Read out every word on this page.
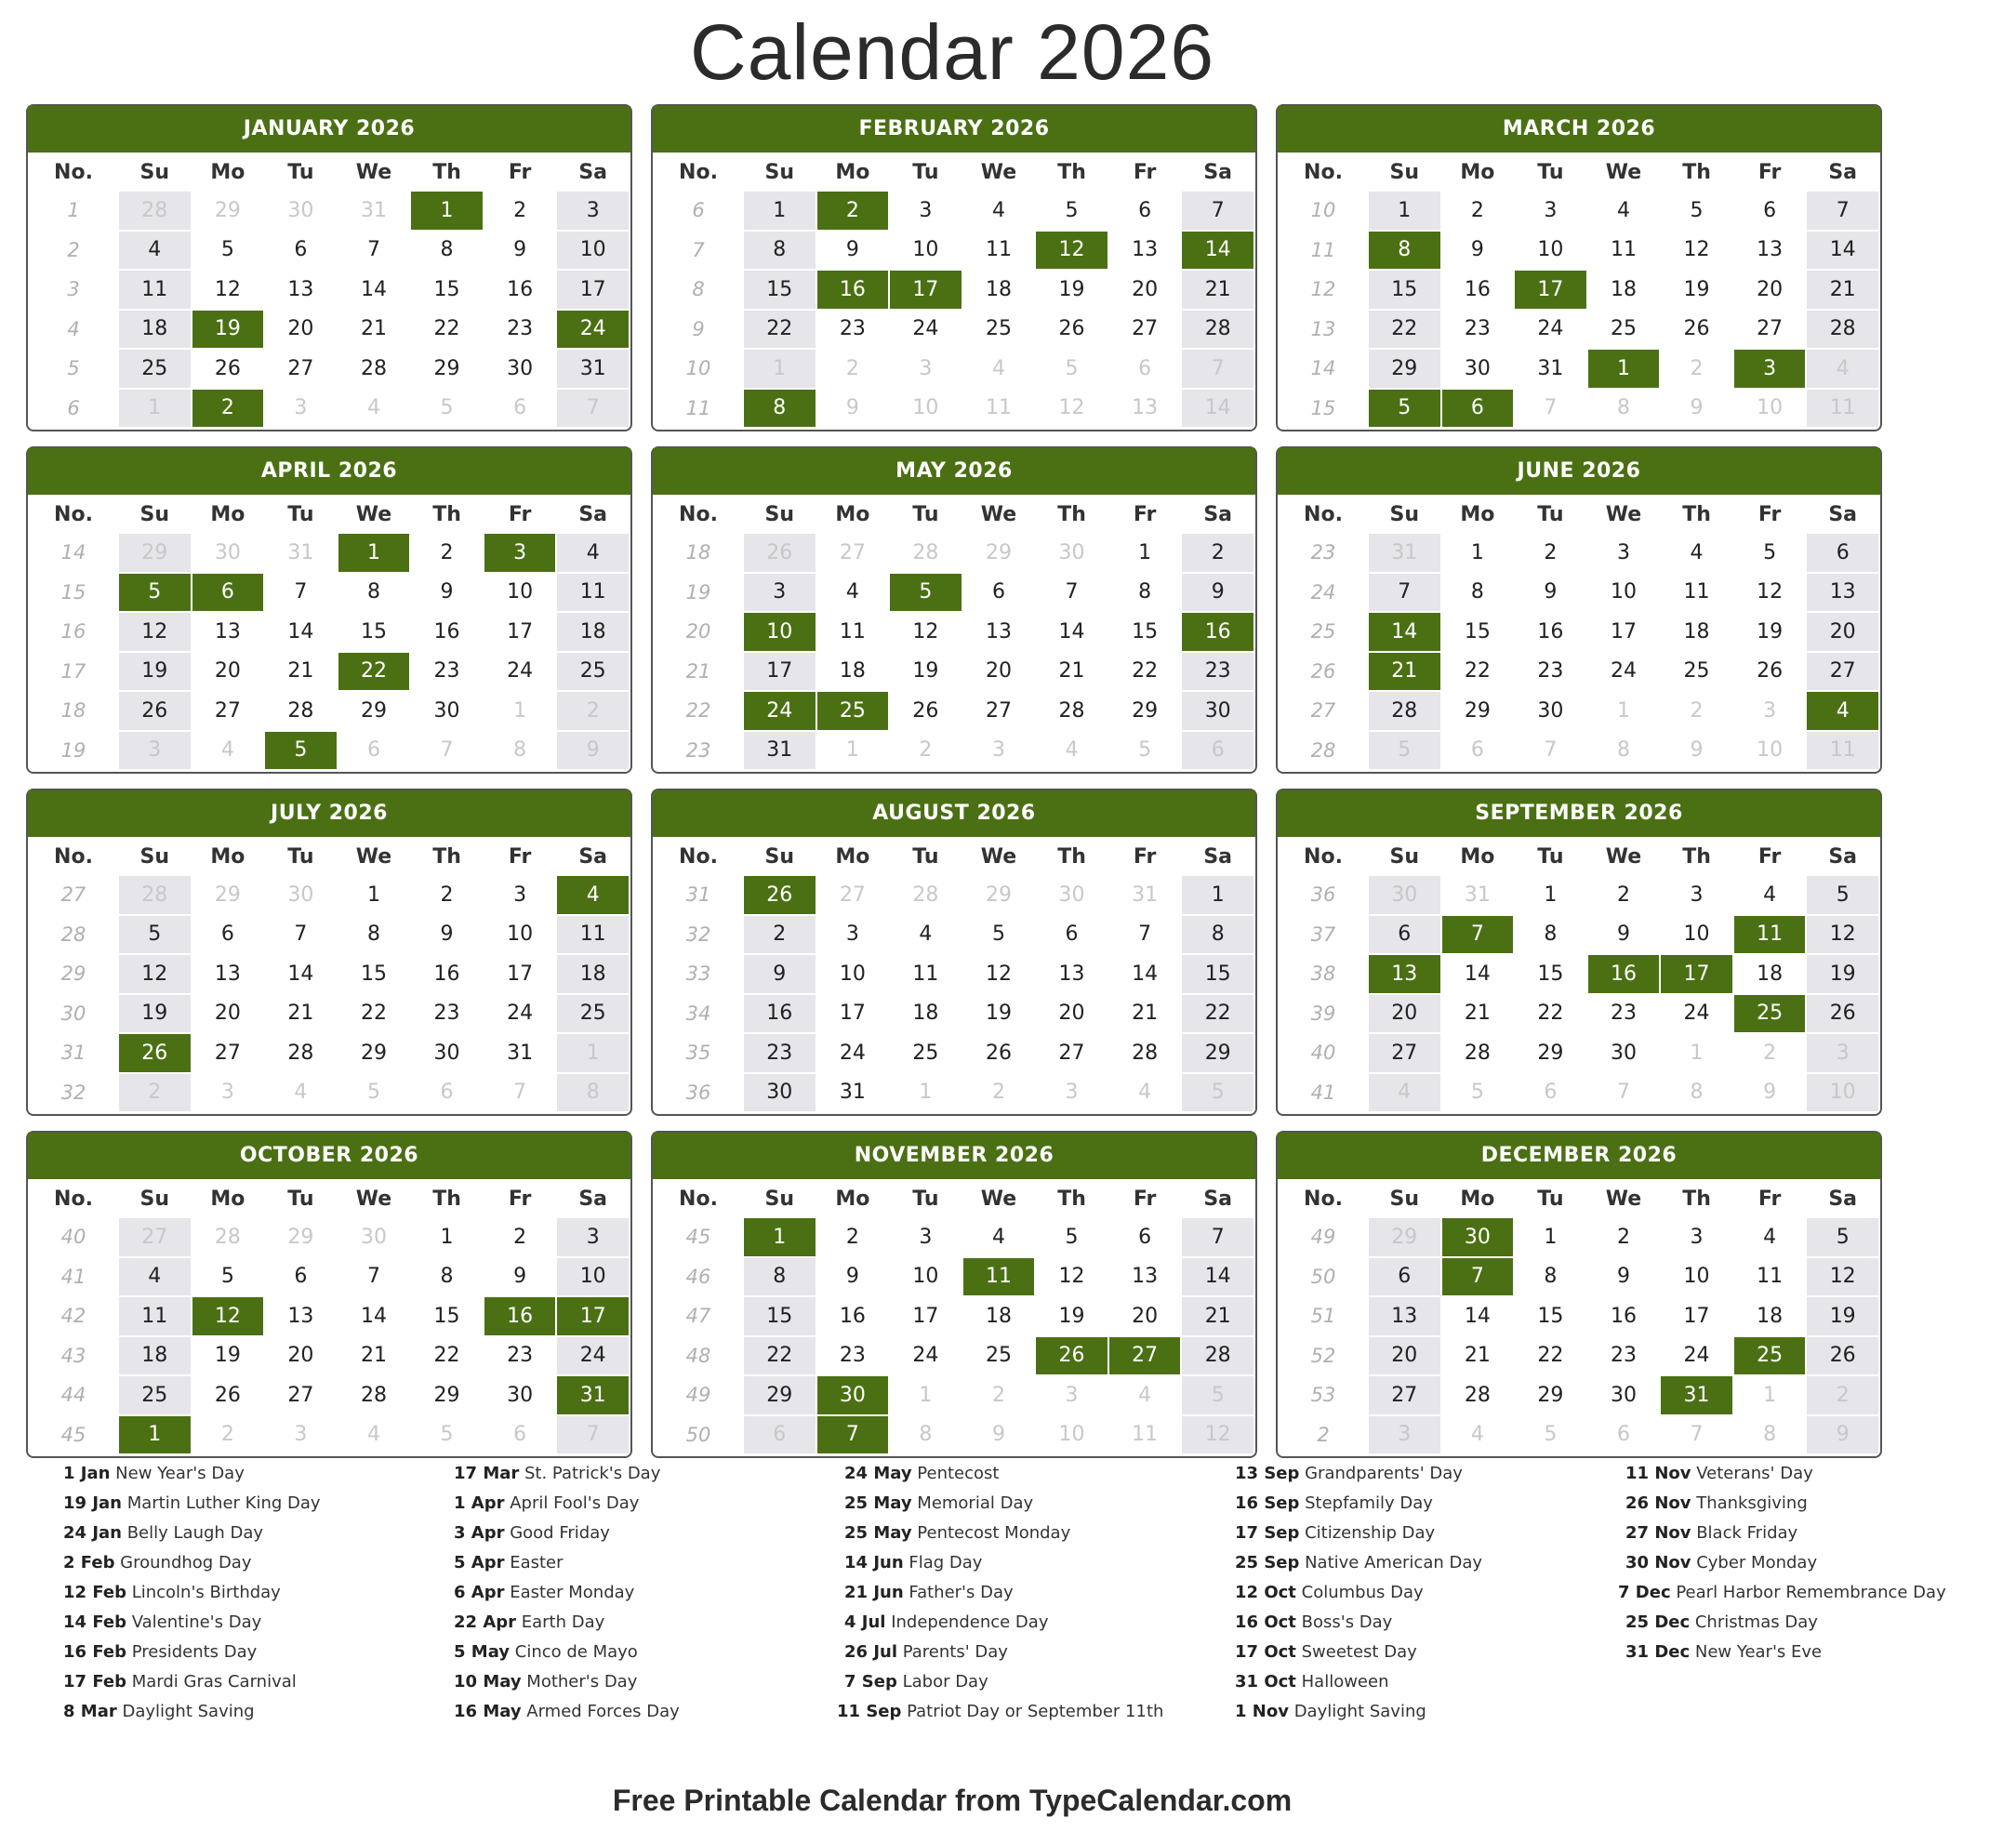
Calendar 2026
JANUARY 2026
No.	Su	Mo	Tu	We	Th	Fr	Sa
1	28	29	30	31	1	2	3
2	4	5	6	7	8	9	10
3	11	12	13	14	15	16	17
4	18	19	20	21	22	23	24
5	25	26	27	28	29	30	31
6	1	2	3	4	5	6	7
FEBRUARY 2026
No.	Su	Mo	Tu	We	Th	Fr	Sa
6	1	2	3	4	5	6	7
7	8	9	10	11	12	13	14
8	15	16	17	18	19	20	21
9	22	23	24	25	26	27	28
10	1	2	3	4	5	6	7
11	8	9	10	11	12	13	14
MARCH 2026
No.	Su	Mo	Tu	We	Th	Fr	Sa
10	1	2	3	4	5	6	7
11	8	9	10	11	12	13	14
12	15	16	17	18	19	20	21
13	22	23	24	25	26	27	28
14	29	30	31	1	2	3	4
15	5	6	7	8	9	10	11
APRIL 2026
No.	Su	Mo	Tu	We	Th	Fr	Sa
14	29	30	31	1	2	3	4
15	5	6	7	8	9	10	11
16	12	13	14	15	16	17	18
17	19	20	21	22	23	24	25
18	26	27	28	29	30	1	2
19	3	4	5	6	7	8	9
MAY 2026
No.	Su	Mo	Tu	We	Th	Fr	Sa
18	26	27	28	29	30	1	2
19	3	4	5	6	7	8	9
20	10	11	12	13	14	15	16
21	17	18	19	20	21	22	23
22	24	25	26	27	28	29	30
23	31	1	2	3	4	5	6
JUNE 2026
No.	Su	Mo	Tu	We	Th	Fr	Sa
23	31	1	2	3	4	5	6
24	7	8	9	10	11	12	13
25	14	15	16	17	18	19	20
26	21	22	23	24	25	26	27
27	28	29	30	1	2	3	4
28	5	6	7	8	9	10	11
JULY 2026
No.	Su	Mo	Tu	We	Th	Fr	Sa
27	28	29	30	1	2	3	4
28	5	6	7	8	9	10	11
29	12	13	14	15	16	17	18
30	19	20	21	22	23	24	25
31	26	27	28	29	30	31	1
32	2	3	4	5	6	7	8
AUGUST 2026
No.	Su	Mo	Tu	We	Th	Fr	Sa
31	26	27	28	29	30	31	1
32	2	3	4	5	6	7	8
33	9	10	11	12	13	14	15
34	16	17	18	19	20	21	22
35	23	24	25	26	27	28	29
36	30	31	1	2	3	4	5
SEPTEMBER 2026
No.	Su	Mo	Tu	We	Th	Fr	Sa
36	30	31	1	2	3	4	5
37	6	7	8	9	10	11	12
38	13	14	15	16	17	18	19
39	20	21	22	23	24	25	26
40	27	28	29	30	1	2	3
41	4	5	6	7	8	9	10
OCTOBER 2026
No.	Su	Mo	Tu	We	Th	Fr	Sa
40	27	28	29	30	1	2	3
41	4	5	6	7	8	9	10
42	11	12	13	14	15	16	17
43	18	19	20	21	22	23	24
44	25	26	27	28	29	30	31
45	1	2	3	4	5	6	7
NOVEMBER 2026
No.	Su	Mo	Tu	We	Th	Fr	Sa
45	1	2	3	4	5	6	7
46	8	9	10	11	12	13	14
47	15	16	17	18	19	20	21
48	22	23	24	25	26	27	28
49	29	30	1	2	3	4	5
50	6	7	8	9	10	11	12
DECEMBER 2026
No.	Su	Mo	Tu	We	Th	Fr	Sa
49	29	30	1	2	3	4	5
50	6	7	8	9	10	11	12
51	13	14	15	16	17	18	19
52	20	21	22	23	24	25	26
53	27	28	29	30	31	1	2
2	3	4	5	6	7	8	9
1 Jan New Year's Day
19 Jan Martin Luther King Day
24 Jan Belly Laugh Day
2 Feb Groundhog Day
12 Feb Lincoln's Birthday
14 Feb Valentine's Day
16 Feb Presidents Day
17 Feb Mardi Gras Carnival
8 Mar Daylight Saving
17 Mar St. Patrick's Day
1 Apr April Fool's Day
3 Apr Good Friday
5 Apr Easter
6 Apr Easter Monday
22 Apr Earth Day
5 May Cinco de Mayo
10 May Mother's Day
16 May Armed Forces Day
24 May Pentecost
25 May Memorial Day
25 May Pentecost Monday
14 Jun Flag Day
21 Jun Father's Day
4 Jul Independence Day
26 Jul Parents' Day
7 Sep Labor Day
11 Sep Patriot Day or September 11th
13 Sep Grandparents' Day
16 Sep Stepfamily Day
17 Sep Citizenship Day
25 Sep Native American Day
12 Oct Columbus Day
16 Oct Boss's Day
17 Oct Sweetest Day
31 Oct Halloween
1 Nov Daylight Saving
11 Nov Veterans' Day
26 Nov Thanksgiving
27 Nov Black Friday
30 Nov Cyber Monday
7 Dec Pearl Harbor Remembrance Day
25 Dec Christmas Day
31 Dec New Year's Eve
Free Printable Calendar from TypeCalendar.com
